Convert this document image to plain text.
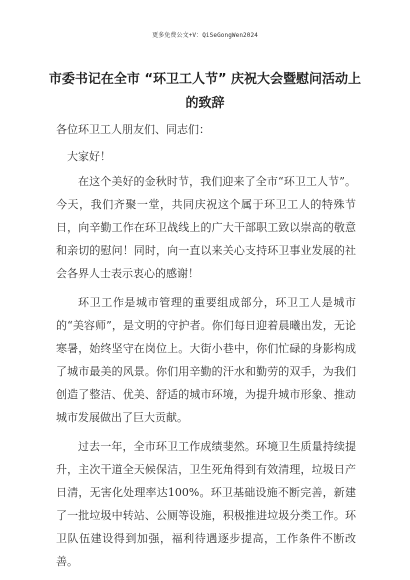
更多免费公文+V：QiSeGongWen2024
市委书记在全市 “环卫工人节” 庆祝大会暨慰问活动上
的致辞

各位环卫工人朋友们、同志们：

大家好！

在这个美好的金秋时节，我们迎来了全市“环卫工人节”。今天，我们齐聚一堂，共同庆祝这个属于环卫工人的特殊节日，向辛勤工作在环卫战线上的广大干部职工致以崇高的敬意和亲切的慰问！同时，向一直以来关心支持环卫事业发展的社会各界人士表示衷心的感谢！

环卫工作是城市管理的重要组成部分，环卫工人是城市的“美容师”，是文明的守护者。你们每日迎着晨曦出发，无论寒暑，始终坚守在岗位上。大街小巷中，你们忙碌的身影构成了城市最美的风景。你们用辛勤的汗水和勤劳的双手，为我们创造了整洁、优美、舒适的城市环境，为提升城市形象、推动城市发展做出了巨大贡献。

过去一年，全市环卫工作成绩斐然。环境卫生质量持续提升，主次干道全天候保洁，卫生死角得到有效清理，垃圾日产日清，无害化处理率达100%。环卫基础设施不断完善，新建了一批垃圾中转站、公厕等设施，积极推进垃圾分类工作。环卫队伍建设得到加强，福利待遇逐步提高，工作条件不断改善。
